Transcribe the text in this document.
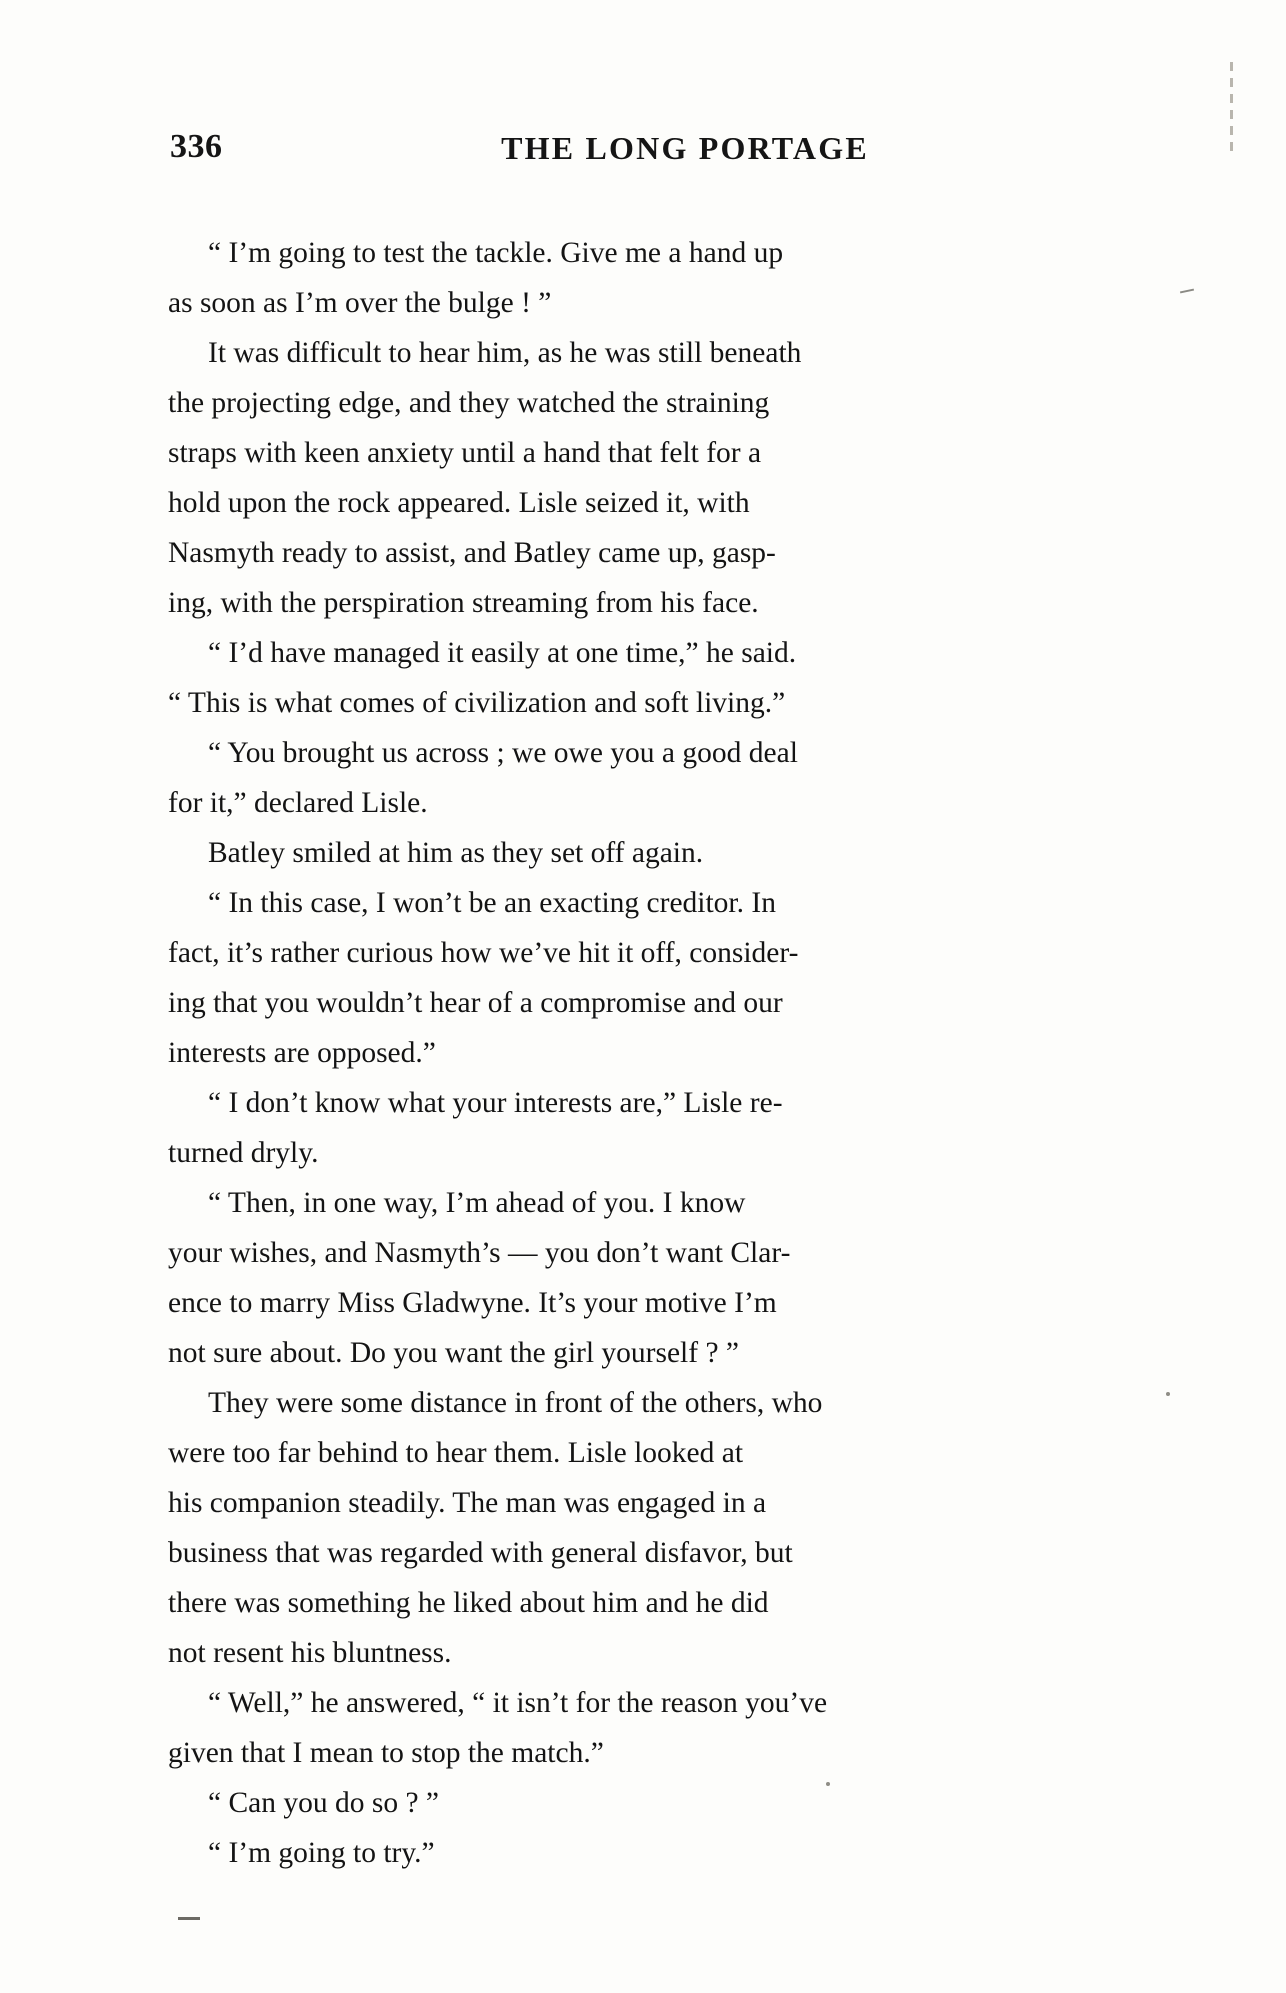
336	THE LONG PORTAGE

“ I’m going to test the tackle. Give me a hand up
as soon as I’m over the bulge ! ”

It was difficult to hear him, as he was still beneath
the projecting edge, and they watched the straining
straps with keen anxiety until a hand that felt for a
hold upon the rock appeared. Lisle seized it, with
Nasmyth ready to assist, and Batley came up, gasp-
ing, with the perspiration streaming from his face.

“ I’d have managed it easily at one time,” he said.
“ This is what comes of civilization and soft living.”

“ You brought us across ; we owe you a good deal
for it,” declared Lisle.

Batley smiled at him as they set off again.

“ In this case, I won’t be an exacting creditor. In
fact, it’s rather curious how we’ve hit it off, consider-
ing that you wouldn’t hear of a compromise and our
interests are opposed.”

“ I don’t know what your interests are,” Lisle re-
turned dryly.

“ Then, in one way, I’m ahead of you. I know
your wishes, and Nasmyth’s — you don’t want Clar-
ence to marry Miss Gladwyne. It’s your motive I’m
not sure about. Do you want the girl yourself ? ”

They were some distance in front of the others, who
were too far behind to hear them. Lisle looked at
his companion steadily. The man was engaged in a
business that was regarded with general disfavor, but
there was something he liked about him and he did
not resent his bluntness.

“ Well,” he answered, “ it isn’t for the reason you’ve
given that I mean to stop the match.”

“ Can you do so ? ”

“ I’m going to try.”
